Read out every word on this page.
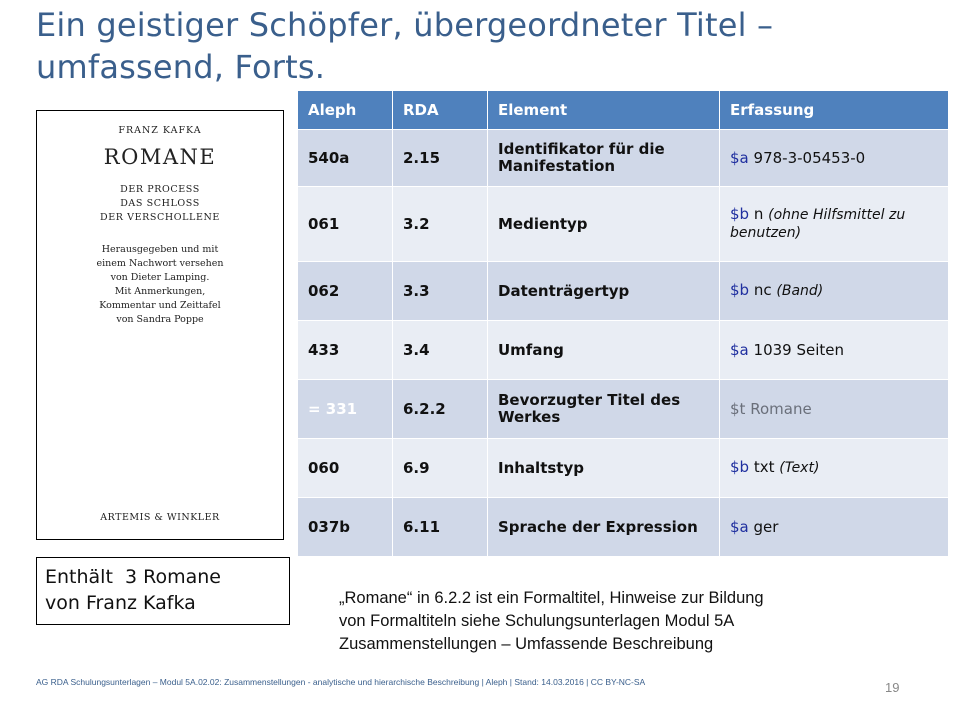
Ein geistiger Schöpfer, übergeordneter Titel –
umfassend, Forts.
FRANZ KAFKA
ROMANE
DER PROCESS
DAS SCHLOSS
DER VERSCHOLLENE
Herausgegeben und mit
einem Nachwort versehen
von Dieter Lamping.
Mit Anmerkungen,
Kommentar und Zeittafel
von Sandra Poppe
ARTEMIS & WINKLER
Enthält  3 Romane
von Franz Kafka
Aleph	RDA	Element	Erfassung
540a	2.15	Identifikator für die Manifestation	$a 978-3-05453-0
061	3.2	Medientyp	$b n (ohne Hilfsmittel zu benutzen)
062	3.3	Datenträgertyp	$b nc (Band)
433	3.4	Umfang	$a 1039 Seiten
= 331	6.2.2	Bevorzugter Titel des Werkes	$t Romane
060	6.9	Inhaltstyp	$b txt (Text)
037b	6.11	Sprache der Expression	$a ger
„Romane“ in 6.2.2 ist ein Formaltitel, Hinweise zur Bildung
von Formaltiteln siehe Schulungsunterlagen Modul 5A
Zusammenstellungen – Umfassende Beschreibung
AG RDA Schulungsunterlagen – Modul 5A.02.02: Zusammenstellungen - analytische und hierarchische Beschreibung | Aleph | Stand: 14.03.2016 | CC BY-NC-SA	19
